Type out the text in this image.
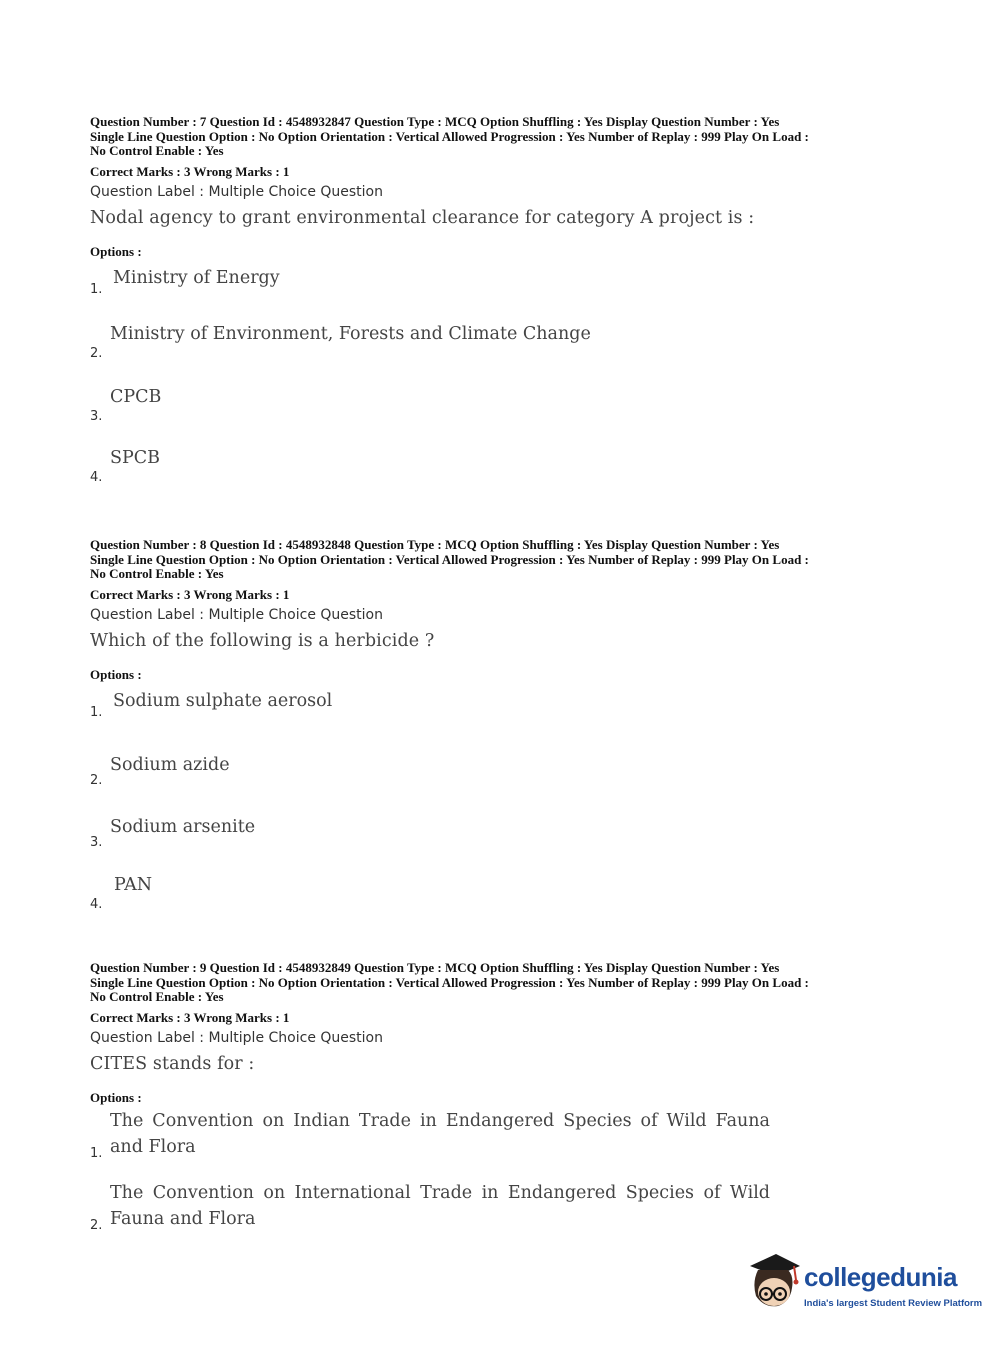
Question Number : 7 Question Id : 4548932847 Question Type : MCQ Option Shuffling : Yes Display Question Number : Yes

Single Line Question Option : No Option Orientation : Vertical Allowed Progression : Yes Number of Replay : 999 Play On Load :

No Control Enable : Yes

Correct Marks : 3 Wrong Marks : 1
Question Label : Multiple Choice Question
Nodal agency to grant environmental clearance for category A project is :
Options :
1.
Ministry of Energy
2.
Ministry of Environment, Forests and Climate Change
3.
CPCB
4.
SPCB

Question Number : 8 Question Id : 4548932848 Question Type : MCQ Option Shuffling : Yes Display Question Number : Yes

Single Line Question Option : No Option Orientation : Vertical Allowed Progression : Yes Number of Replay : 999 Play On Load :

No Control Enable : Yes

Correct Marks : 3 Wrong Marks : 1
Question Label : Multiple Choice Question
Which of the following is a herbicide ?
Options :
1.
Sodium sulphate aerosol
2.
Sodium azide
3.
Sodium arsenite
4.
PAN

Question Number : 9 Question Id : 4548932849 Question Type : MCQ Option Shuffling : Yes Display Question Number : Yes

Single Line Question Option : No Option Orientation : Vertical Allowed Progression : Yes Number of Replay : 999 Play On Load :

No Control Enable : Yes

Correct Marks : 3 Wrong Marks : 1
Question Label : Multiple Choice Question
CITES stands for :
Options :
1.
The Convention on Indian Trade in Endangered Species of Wild Fauna and Flora
2.
The Convention on International Trade in Endangered Species of Wild Fauna and Flora
collegedunia
India's largest Student Review Platform
